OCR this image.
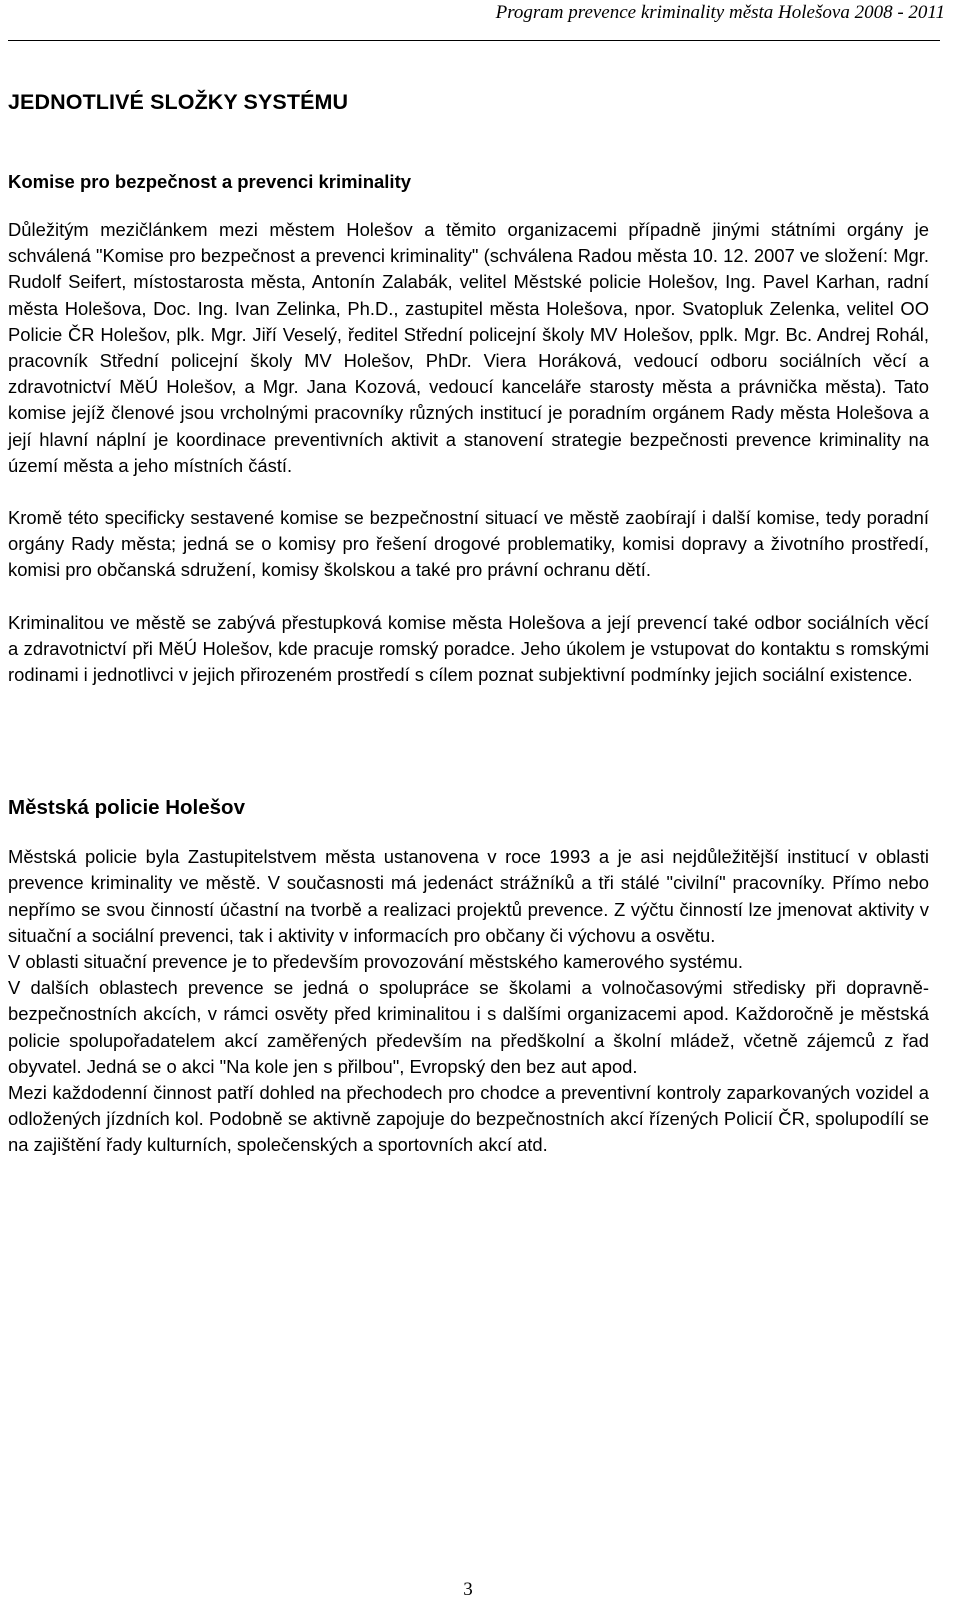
Program prevence kriminality města Holešova 2008 - 2011
JEDNOTLIVÉ SLOŽKY SYSTÉMU
Komise pro bezpečnost a prevenci kriminality

Důležitým mezičlánkem mezi městem Holešov a těmito organizacemi případně jinými státními orgány je schválená "Komise pro bezpečnost a prevenci kriminality" (schválena Radou města 10. 12. 2007 ve složení: Mgr. Rudolf Seifert, místostarosta města, Antonín Zalabák, velitel Městské policie Holešov, Ing. Pavel Karhan, radní města Holešova, Doc. Ing. Ivan Zelinka, Ph.D., zastupitel města Holešova, npor. Svatopluk Zelenka, velitel OO Policie ČR Holešov, plk. Mgr. Jiří Veselý, ředitel Střední policejní školy MV Holešov, pplk. Mgr. Bc. Andrej Rohál, pracovník Střední policejní školy MV Holešov, PhDr. Viera Horáková, vedoucí odboru sociálních věcí a zdravotnictví MěÚ Holešov, a Mgr. Jana Kozová, vedoucí kanceláře starosty města a právnička města). Tato komise jejíž členové jsou vrcholnými pracovníky různých institucí je poradním orgánem Rady města Holešova a její hlavní náplní je koordinace preventivních aktivit a stanovení strategie bezpečnosti prevence kriminality na území města a jeho místních částí.

Kromě této specificky sestavené komise se bezpečnostní situací ve městě zaobírají i další komise, tedy poradní orgány Rady města; jedná se o komisy pro řešení drogové problematiky, komisi dopravy a životního prostředí, komisi pro občanská sdružení, komisy školskou a také pro právní ochranu dětí.

Kriminalitou ve městě se zabývá přestupková komise města Holešova a její prevencí také odbor sociálních věcí a zdravotnictví při MěÚ Holešov, kde pracuje romský poradce. Jeho úkolem je vstupovat do kontaktu s romskými rodinami i jednotlivci v jejich přirozeném prostředí s cílem poznat subjektivní podmínky jejich sociální existence.

Městská policie Holešov

Městská policie byla Zastupitelstvem města ustanovena v roce 1993 a je asi nejdůležitější institucí v oblasti prevence kriminality ve městě. V současnosti má jedenáct strážníků a tři stálé "civilní" pracovníky. Přímo nebo nepřímo se svou činností účastní na tvorbě a realizaci projektů prevence. Z výčtu činností lze jmenovat aktivity v situační a sociální prevenci, tak i aktivity v informacích pro občany či výchovu a osvětu.

V oblasti situační prevence je to především provozování městského kamerového systému.

V dalších oblastech prevence se jedná o spolupráce se školami a volnočasovými středisky při dopravně-bezpečnostních akcích, v rámci osvěty před kriminalitou i s dalšími organizacemi apod. Každoročně je městská policie spolupořadatelem akcí zaměřených především na předškolní a školní mládež, včetně zájemců z řad obyvatel. Jedná se o akci "Na kole jen s přilbou", Evropský den bez aut apod.

Mezi každodenní činnost patří dohled na přechodech pro chodce a preventivní kontroly zaparkovaných vozidel a odložených jízdních kol. Podobně se aktivně zapojuje do bezpečnostních akcí řízených Policií ČR, spolupodílí se na zajištění řady kulturních, společenských a sportovních akcí atd.

3
